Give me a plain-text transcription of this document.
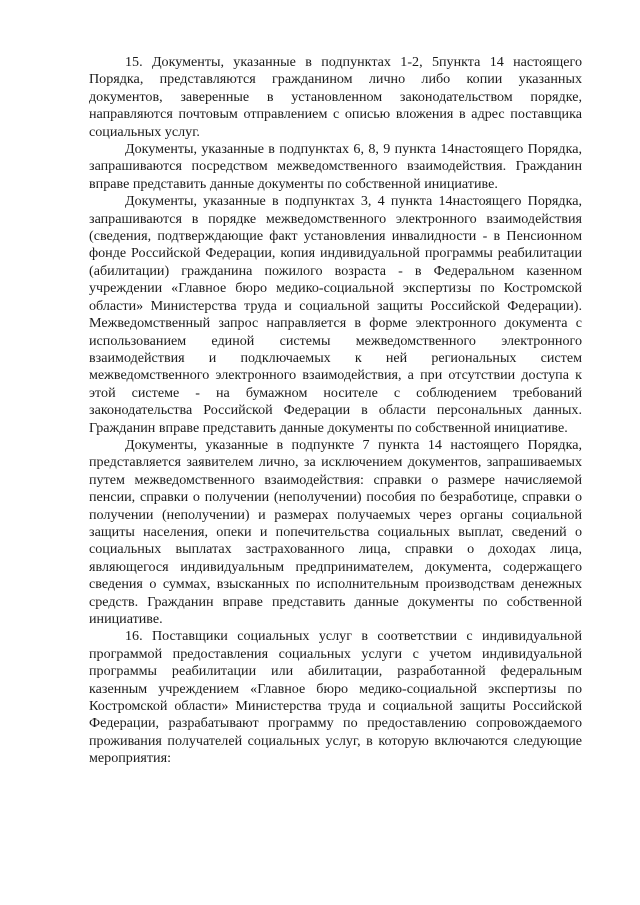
15. Документы, указанные в подпунктах 1-2, 5пункта 14 настоящего Порядка, представляются гражданином лично либо копии указанных документов, заверенные в установленном законодательством порядке, направляются почтовым отправлением с описью вложения в адрес поставщика социальных услуг.

Документы, указанные в подпунктах 6, 8, 9 пункта 14настоящего Порядка, запрашиваются посредством межведомственного взаимодействия. Гражданин вправе представить данные документы по собственной инициативе.

Документы, указанные в подпунктах 3, 4 пункта 14настоящего Порядка, запрашиваются в порядке межведомственного электронного взаимодействия (сведения, подтверждающие факт установления инвалидности - в Пенсионном фонде Российской Федерации, копия индивидуальной программы реабилитации (абилитации) гражданина пожилого возраста - в Федеральном казенном учреждении «Главное бюро медико-социальной экспертизы по Костромской области» Министерства труда и социальной защиты Российской Федерации). Межведомственный запрос направляется в форме электронного документа с использованием единой системы межведомственного электронного взаимодействия и подключаемых к ней региональных систем межведомственного электронного взаимодействия, а при отсутствии доступа к этой системе - на бумажном носителе с соблюдением требований законодательства Российской Федерации в области персональных данных. Гражданин вправе представить данные документы по собственной инициативе.

Документы, указанные в подпункте 7 пункта 14 настоящего Порядка, представляется заявителем лично, за исключением документов, запрашиваемых путем межведомственного взаимодействия: справки о размере начисляемой пенсии, справки о получении (неполучении) пособия по безработице, справки о получении (неполучении) и размерах получаемых через органы социальной защиты населения, опеки и попечительства социальных выплат, сведений о социальных выплатах застрахованного лица, справки о доходах лица, являющегося индивидуальным предпринимателем, документа, содержащего сведения о суммах, взысканных по исполнительным производствам денежных средств. Гражданин вправе представить данные документы по собственной инициативе.

16. Поставщики социальных услуг в соответствии с индивидуальной программой предоставления социальных услуги с учетом индивидуальной программы реабилитации или абилитации, разработанной федеральным казенным учреждением «Главное бюро медико-социальной экспертизы по Костромской области» Министерства труда и социальной защиты Российской Федерации, разрабатывают программу по предоставлению сопровождаемого проживания получателей социальных услуг, в которую включаются следующие мероприятия:
